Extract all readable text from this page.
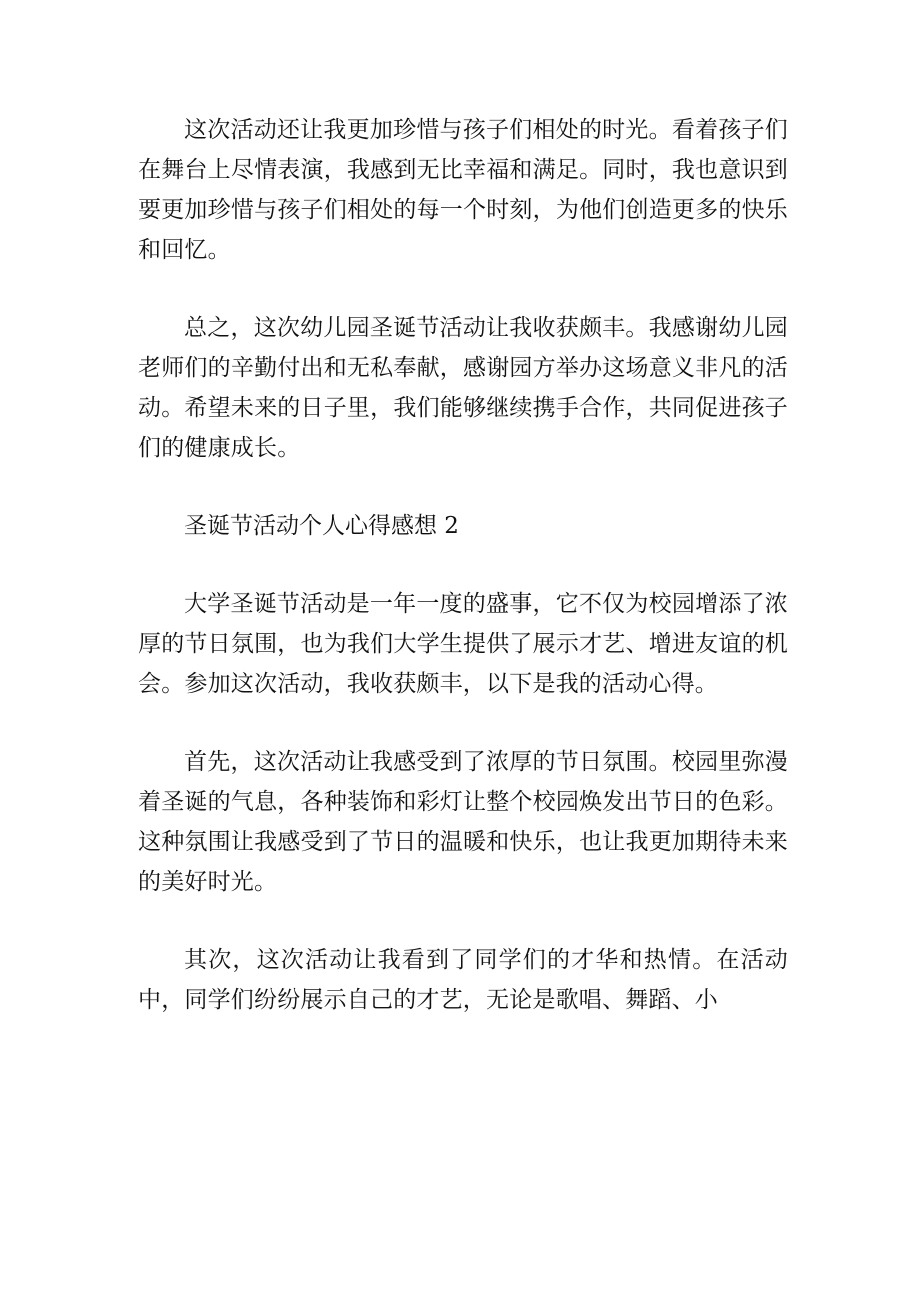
这次活动还让我更加珍惜与孩子们相处的时光。看着孩子们在舞台上尽情表演，我感到无比幸福和满足。同时，我也意识到要更加珍惜与孩子们相处的每一个时刻，为他们创造更多的快乐和回忆。

总之，这次幼儿园圣诞节活动让我收获颇丰。我感谢幼儿园老师们的辛勤付出和无私奉献，感谢园方举办这场意义非凡的活动。希望未来的日子里，我们能够继续携手合作，共同促进孩子们的健康成长。

圣诞节活动个人心得感想 2

大学圣诞节活动是一年一度的盛事，它不仅为校园增添了浓厚的节日氛围，也为我们大学生提供了展示才艺、增进友谊的机会。参加这次活动，我收获颇丰，以下是我的活动心得。

首先，这次活动让我感受到了浓厚的节日氛围。校园里弥漫着圣诞的气息，各种装饰和彩灯让整个校园焕发出节日的色彩。这种氛围让我感受到了节日的温暖和快乐，也让我更加期待未来的美好时光。

其次，这次活动让我看到了同学们的才华和热情。在活动中，同学们纷纷展示自己的才艺，无论是歌唱、舞蹈、小
